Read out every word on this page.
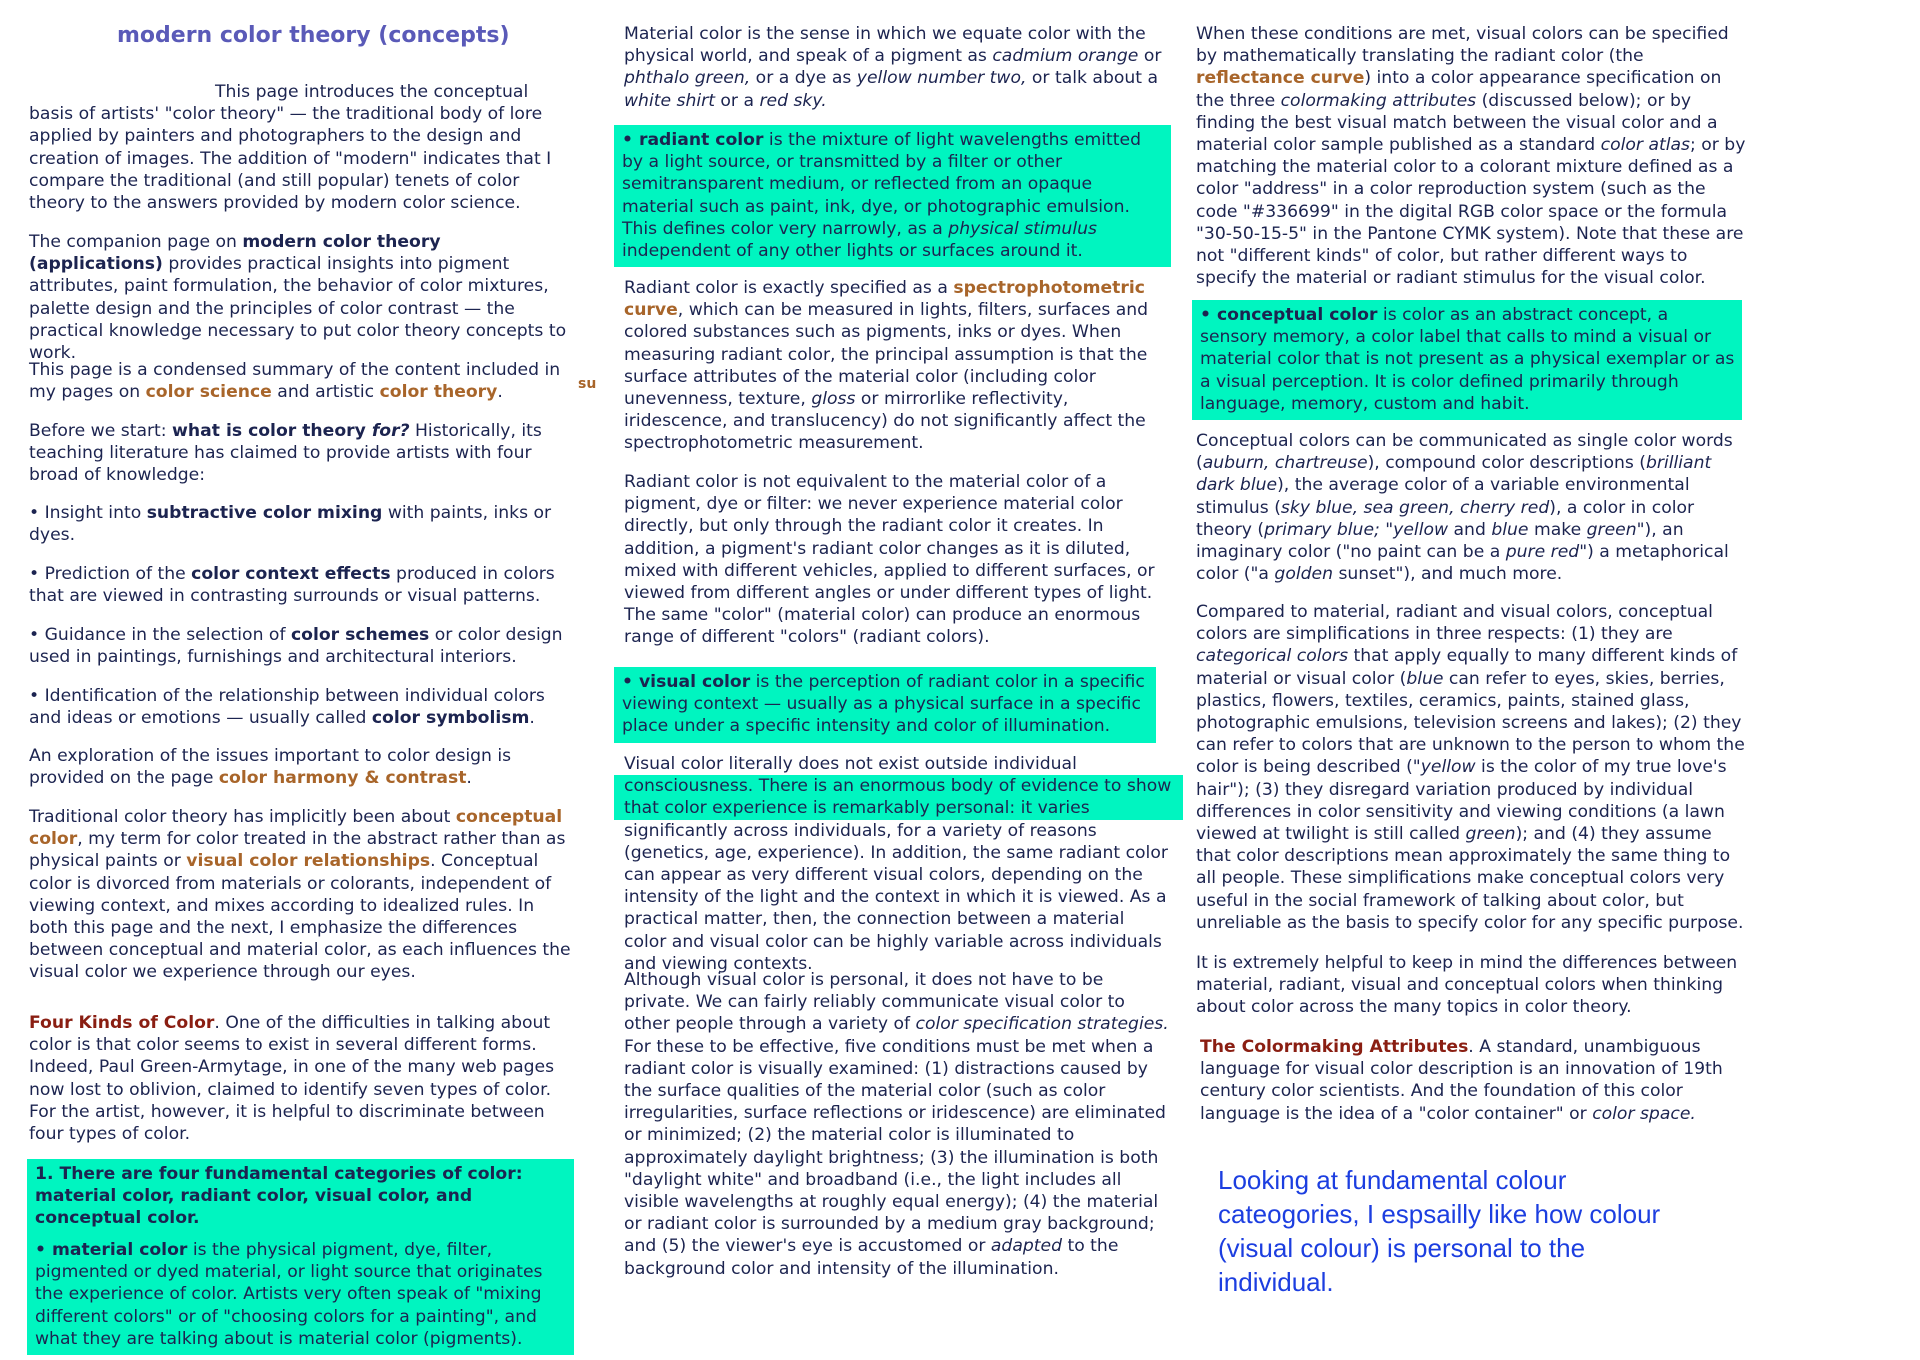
modern color theory (concepts)
su

This page introduces the conceptual basis of artists' "color theory" — the traditional body of lore applied by painters and photographers to the design and creation of images. The addition of "modern" indicates that I compare the traditional (and still popular) tenets of color theory to the answers provided by modern color science.

The companion page on modern color theory (applications) provides practical insights into pigment attributes, paint formulation, the behavior of color mixtures, palette design and the principles of color contrast — the practical knowledge necessary to put color theory concepts to work.

This page is a condensed summary of the content included in my pages on color science and artistic color theory.

Before we start: what is color theory for? Historically, its teaching literature has claimed to provide artists with four broad of knowledge:

• Insight into subtractive color mixing with paints, inks or dyes.

• Prediction of the color context effects produced in colors that are viewed in contrasting surrounds or visual patterns.

• Guidance in the selection of color schemes or color design used in paintings, furnishings and architectural interiors.

• Identification of the relationship between individual colors and ideas or emotions — usually called color symbolism.

An exploration of the issues important to color design is provided on the page color harmony & contrast.

Traditional color theory has implicitly been about conceptual color, my term for color treated in the abstract rather than as physical paints or visual color relationships. Conceptual color is divorced from materials or colorants, independent of viewing context, and mixes according to idealized rules. In both this page and the next, I emphasize the differences between conceptual and material color, as each influences the visual color we experience through our eyes.

Four Kinds of Color. One of the difficulties in talking about color is that color seems to exist in several different forms. Indeed, Paul Green-Armytage, in one of the many web pages now lost to oblivion, claimed to identify seven types of color. For the artist, however, it is helpful to discriminate between four types of color.

1. There are four fundamental categories of color: material color, radiant color, visual color, and conceptual color.
• material color is the physical pigment, dye, filter, pigmented or dyed material, or light source that originates the experience of color. Artists very often speak of "mixing different colors" or of "choosing colors for a painting", and what they are talking about is material color (pigments).

Material color is the sense in which we equate color with the physical world, and speak of a pigment as cadmium orange or phthalo green, or a dye as yellow number two, or talk about a white shirt or a red sky.

• radiant color is the mixture of light wavelengths emitted by a light source, or transmitted by a filter or other semitransparent medium, or reflected from an opaque material such as paint, ink, dye, or photographic emulsion. This defines color very narrowly, as a physical stimulus independent of any other lights or surfaces around it.

Radiant color is exactly specified as a spectrophotometric curve, which can be measured in lights, filters, surfaces and colored substances such as pigments, inks or dyes. When measuring radiant color, the principal assumption is that the surface attributes of the material color (including color unevenness, texture, gloss or mirrorlike reflectivity, iridescence, and translucency) do not significantly affect the spectrophotometric measurement.

Radiant color is not equivalent to the material color of a pigment, dye or filter: we never experience material color directly, but only through the radiant color it creates. In addition, a pigment's radiant color changes as it is diluted, mixed with different vehicles, applied to different surfaces, or viewed from different angles or under different types of light. The same "color" (material color) can produce an enormous range of different "colors" (radiant colors).

• visual color is the perception of radiant color in a specific viewing context — usually as a physical surface in a specific place under a specific intensity and color of illumination.

Visual color literally does not exist outside individual
consciousness. There is an enormous body of evidence to show that color experience is remarkably personal: it varies
significantly across individuals, for a variety of reasons (genetics, age, experience). In addition, the same radiant color can appear as very different visual colors, depending on the intensity of the light and the context in which it is viewed. As a practical matter, then, the connection between a material color and visual color can be highly variable across individuals and viewing contexts.

Although visual color is personal, it does not have to be private. We can fairly reliably communicate visual color to other people through a variety of color specification strategies. For these to be effective, five conditions must be met when a radiant color is visually examined: (1) distractions caused by the surface qualities of the material color (such as color irregularities, surface reflections or iridescence) are eliminated or minimized; (2) the material color is illuminated to approximately daylight brightness; (3) the illumination is both "daylight white" and broadband (i.e., the light includes all visible wavelengths at roughly equal energy); (4) the material or radiant color is surrounded by a medium gray background; and (5) the viewer's eye is accustomed or adapted to the background color and intensity of the illumination.

When these conditions are met, visual colors can be specified by mathematically translating the radiant color (the reflectance curve) into a color appearance specification on the three colormaking attributes (discussed below); or by finding the best visual match between the visual color and a material color sample published as a standard color atlas; or by matching the material color to a colorant mixture defined as a color "address" in a color reproduction system (such as the code "#336699" in the digital RGB color space or the formula "30-50-15-5" in the Pantone CYMK system). Note that these are not "different kinds" of color, but rather different ways to specify the material or radiant stimulus for the visual color.

• conceptual color is color as an abstract concept, a sensory memory, a color label that calls to mind a visual or material color that is not present as a physical exemplar or as a visual perception. It is color defined primarily through language, memory, custom and habit.

Conceptual colors can be communicated as single color words (auburn, chartreuse), compound color descriptions (brilliant dark blue), the average color of a variable environmental stimulus (sky blue, sea green, cherry red), a color in color theory (primary blue; "yellow and blue make green"), an imaginary color ("no paint can be a pure red") a metaphorical color ("a golden sunset"), and much more.

Compared to material, radiant and visual colors, conceptual colors are simplifications in three respects: (1) they are categorical colors that apply equally to many different kinds of material or visual color (blue can refer to eyes, skies, berries, plastics, flowers, textiles, ceramics, paints, stained glass, photographic emulsions, television screens and lakes); (2) they can refer to colors that are unknown to the person to whom the color is being described ("yellow is the color of my true love's hair"); (3) they disregard variation produced by individual differences in color sensitivity and viewing conditions (a lawn viewed at twilight is still called green); and (4) they assume that color descriptions mean approximately the same thing to all people. These simplifications make conceptual colors very useful in the social framework of talking about color, but unreliable as the basis to specify color for any specific purpose.

It is extremely helpful to keep in mind the differences between material, radiant, visual and conceptual colors when thinking about color across the many topics in color theory.

The Colormaking Attributes. A standard, unambiguous language for visual color description is an innovation of 19th century color scientists. And the foundation of this color language is the idea of a "color container" or color space.

Looking at fundamental colour cateogories, I espsailly like how colour (visual colour) is personal to the individual.
